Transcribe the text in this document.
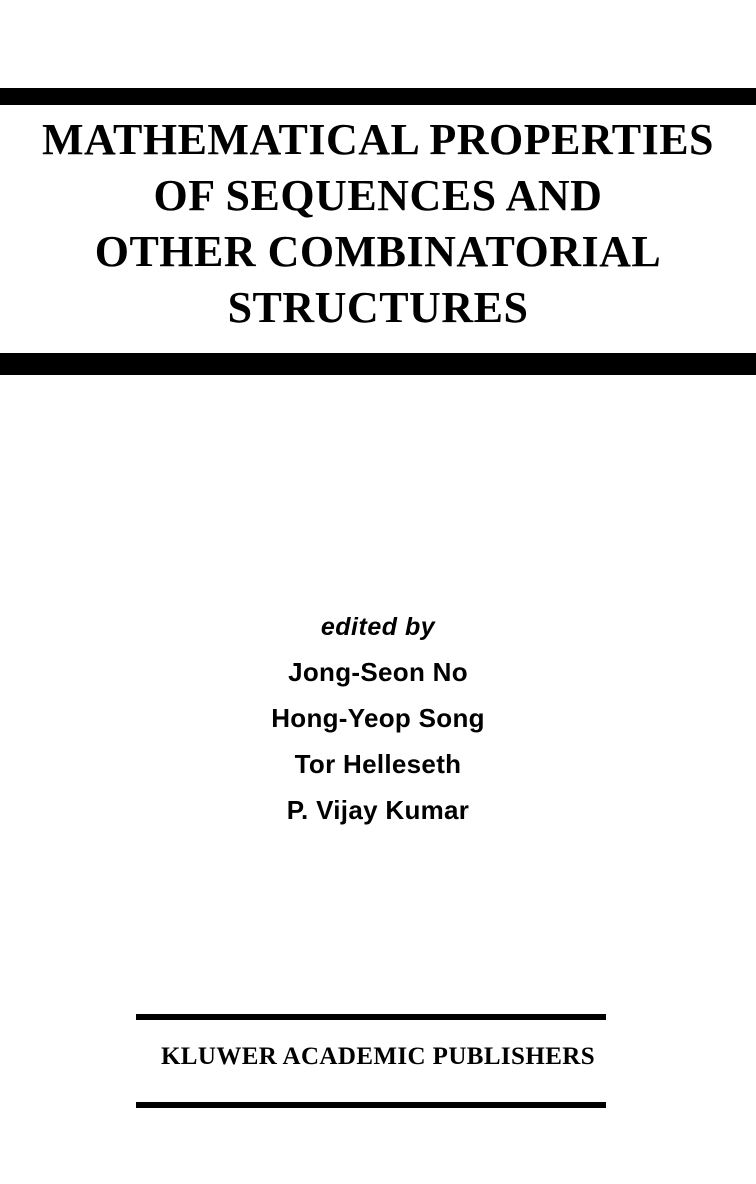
MATHEMATICAL PROPERTIES
OF SEQUENCES AND
OTHER COMBINATORIAL
STRUCTURES
edited by
Jong-Seon No
Hong-Yeop Song
Tor Helleseth
P. Vijay Kumar
KLUWER ACADEMIC PUBLISHERS
